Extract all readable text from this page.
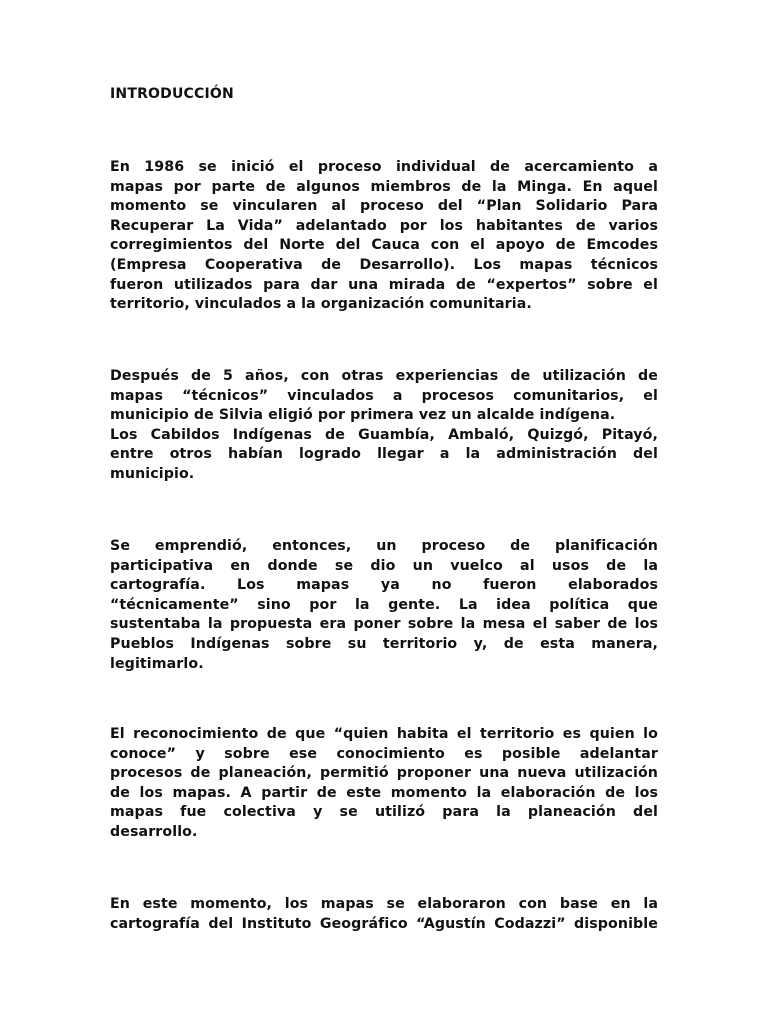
INTRODUCCIÓN
En 1986 se inició el proceso individual de acercamiento a
mapas por parte de algunos miembros de la Minga. En aquel
momento se vincularen al proceso del “Plan Solidario Para
Recuperar La Vida” adelantado por los habitantes de varios
corregimientos del Norte del Cauca con el apoyo de Emcodes
(Empresa Cooperativa de Desarrollo). Los mapas técnicos
fueron utilizados para dar una mirada de “expertos” sobre el
territorio, vinculados a la organización comunitaria.
Después de 5 años, con otras experiencias de utilización de
mapas “técnicos” vinculados a procesos comunitarios, el
municipio de Silvia eligió por primera vez un alcalde indígena.
Los Cabildos Indígenas de Guambía, Ambaló, Quizgó, Pitayó,
entre otros habían logrado llegar a la administración del
municipio.
Se emprendió, entonces, un proceso de planificación
participativa en donde se dio un vuelco al usos de la
cartografía. Los mapas ya no fueron elaborados
“técnicamente” sino por la gente. La idea política que
sustentaba la propuesta era poner sobre la mesa el saber de los
Pueblos Indígenas sobre su territorio y, de esta manera,
legitimarlo.
El reconocimiento de que “quien habita el territorio es quien lo
conoce” y sobre ese conocimiento es posible adelantar
procesos de planeación, permitió proponer una nueva utilización
de los mapas. A partir de este momento la elaboración de los
mapas fue colectiva y se utilizó para la planeación del
desarrollo.
En este momento, los mapas se elaboraron con base en la
cartografía del Instituto Geográfico “Agustín Codazzi” disponible
